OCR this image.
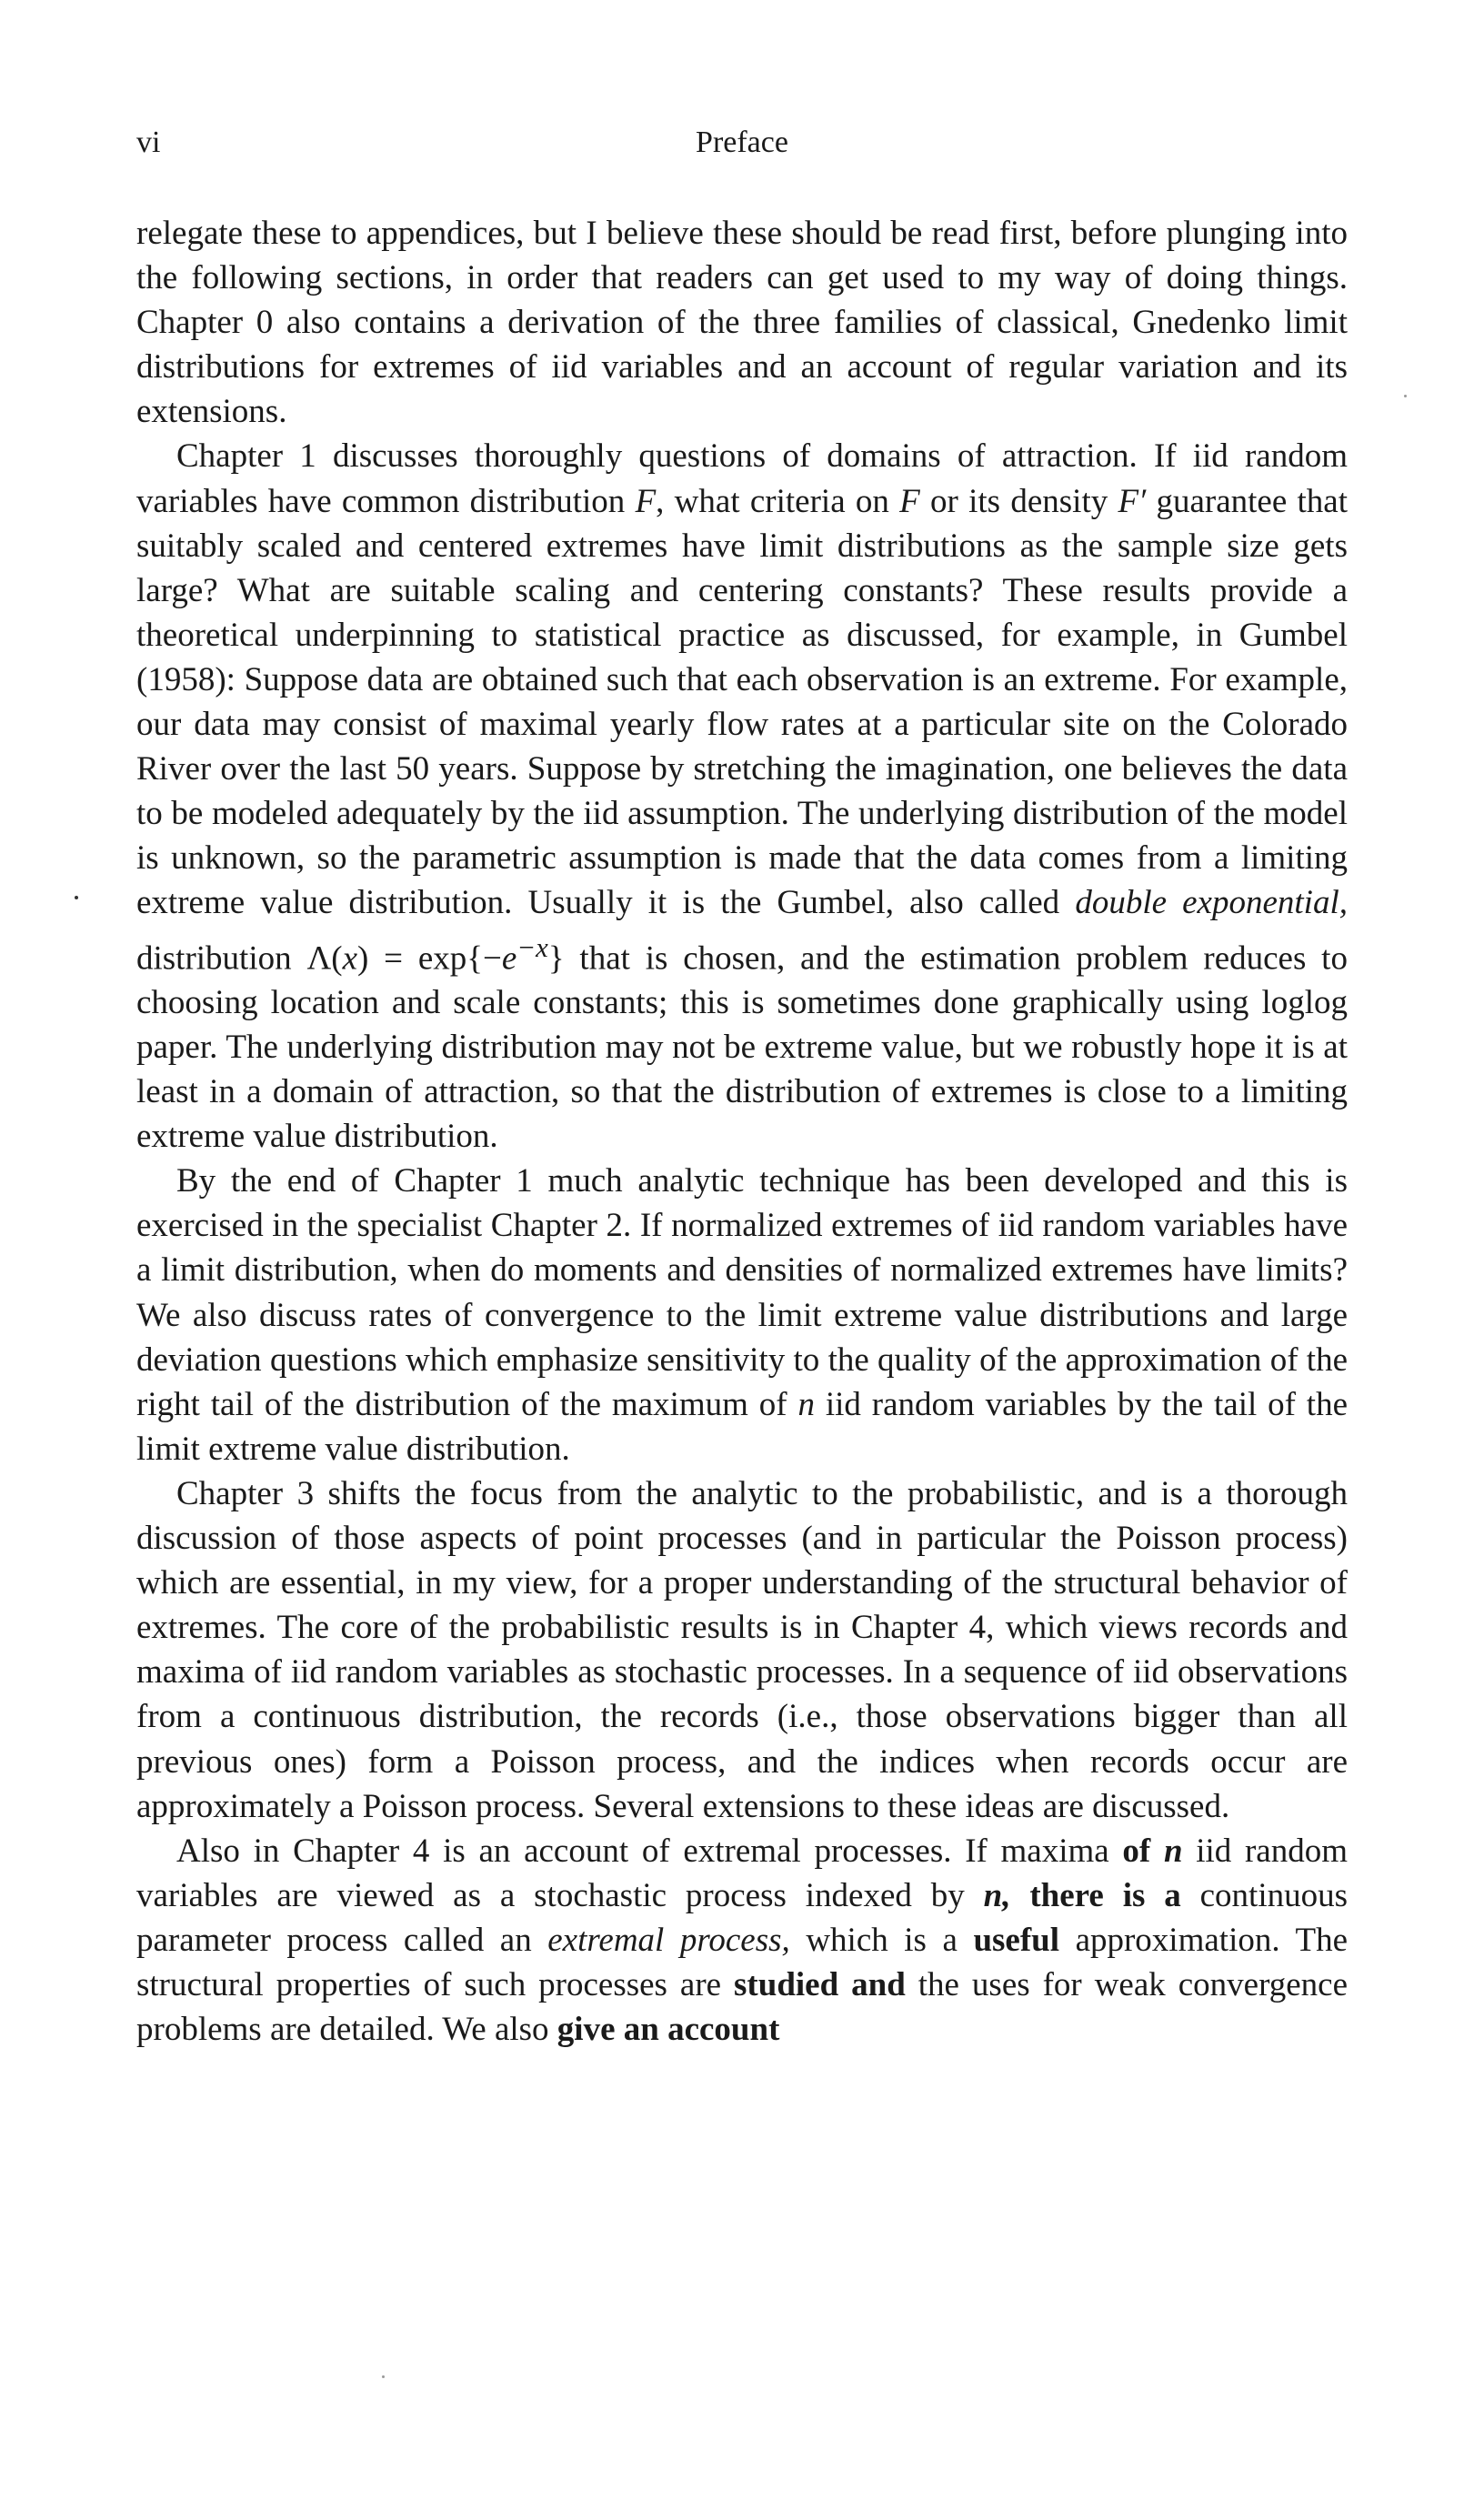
vi	Preface

relegate these to appendices, but I believe these should be read first, before plunging into the following sections, in order that readers can get used to my way of doing things. Chapter 0 also contains a derivation of the three families of classical, Gnedenko limit distributions for extremes of iid variables and an account of regular variation and its extensions.

Chapter 1 discusses thoroughly questions of domains of attraction. If iid random variables have common distribution F, what criteria on F or its density F′ guarantee that suitably scaled and centered extremes have limit distributions as the sample size gets large? What are suitable scaling and centering constants? These results provide a theoretical underpinning to statistical practice as discussed, for example, in Gumbel (1958): Suppose data are obtained such that each observation is an extreme. For example, our data may consist of maximal yearly flow rates at a particular site on the Colorado River over the last 50 years. Suppose by stretching the imagination, one believes the data to be modeled adequately by the iid assumption. The underlying distribution of the model is unknown, so the parametric assumption is made that the data comes from a limiting extreme value distribution. Usually it is the Gumbel, also called double exponential, distribution $\Lambda(x) = \exp\{-e^{-x}\}$ that is chosen, and the estimation problem reduces to choosing location and scale constants; this is sometimes done graphically using loglog paper. The underlying distribution may not be extreme value, but we robustly hope it is at least in a domain of attraction, so that the distribution of extremes is close to a limiting extreme value distribution.

By the end of Chapter 1 much analytic technique has been developed and this is exercised in the specialist Chapter 2. If normalized extremes of iid random variables have a limit distribution, when do moments and densities of normalized extremes have limits? We also discuss rates of convergence to the limit extreme value distributions and large deviation questions which emphasize sensitivity to the quality of the approximation of the right tail of the distribution of the maximum of n iid random variables by the tail of the limit extreme value distribution.

Chapter 3 shifts the focus from the analytic to the probabilistic, and is a thorough discussion of those aspects of point processes (and in particular the Poisson process) which are essential, in my view, for a proper understanding of the structural behavior of extremes. The core of the probabilistic results is in Chapter 4, which views records and maxima of iid random variables as stochastic processes. In a sequence of iid observations from a continuous distribution, the records (i.e., those observations bigger than all previous ones) form a Poisson process, and the indices when records occur are approximately a Poisson process. Several extensions to these ideas are discussed.

Also in Chapter 4 is an account of extremal processes. If maxima of n iid random variables are viewed as a stochastic process indexed by n, there is a continuous parameter process called an extremal process, which is a useful approximation. The structural properties of such processes are studied and the uses for weak convergence problems are detailed. We also give an account
